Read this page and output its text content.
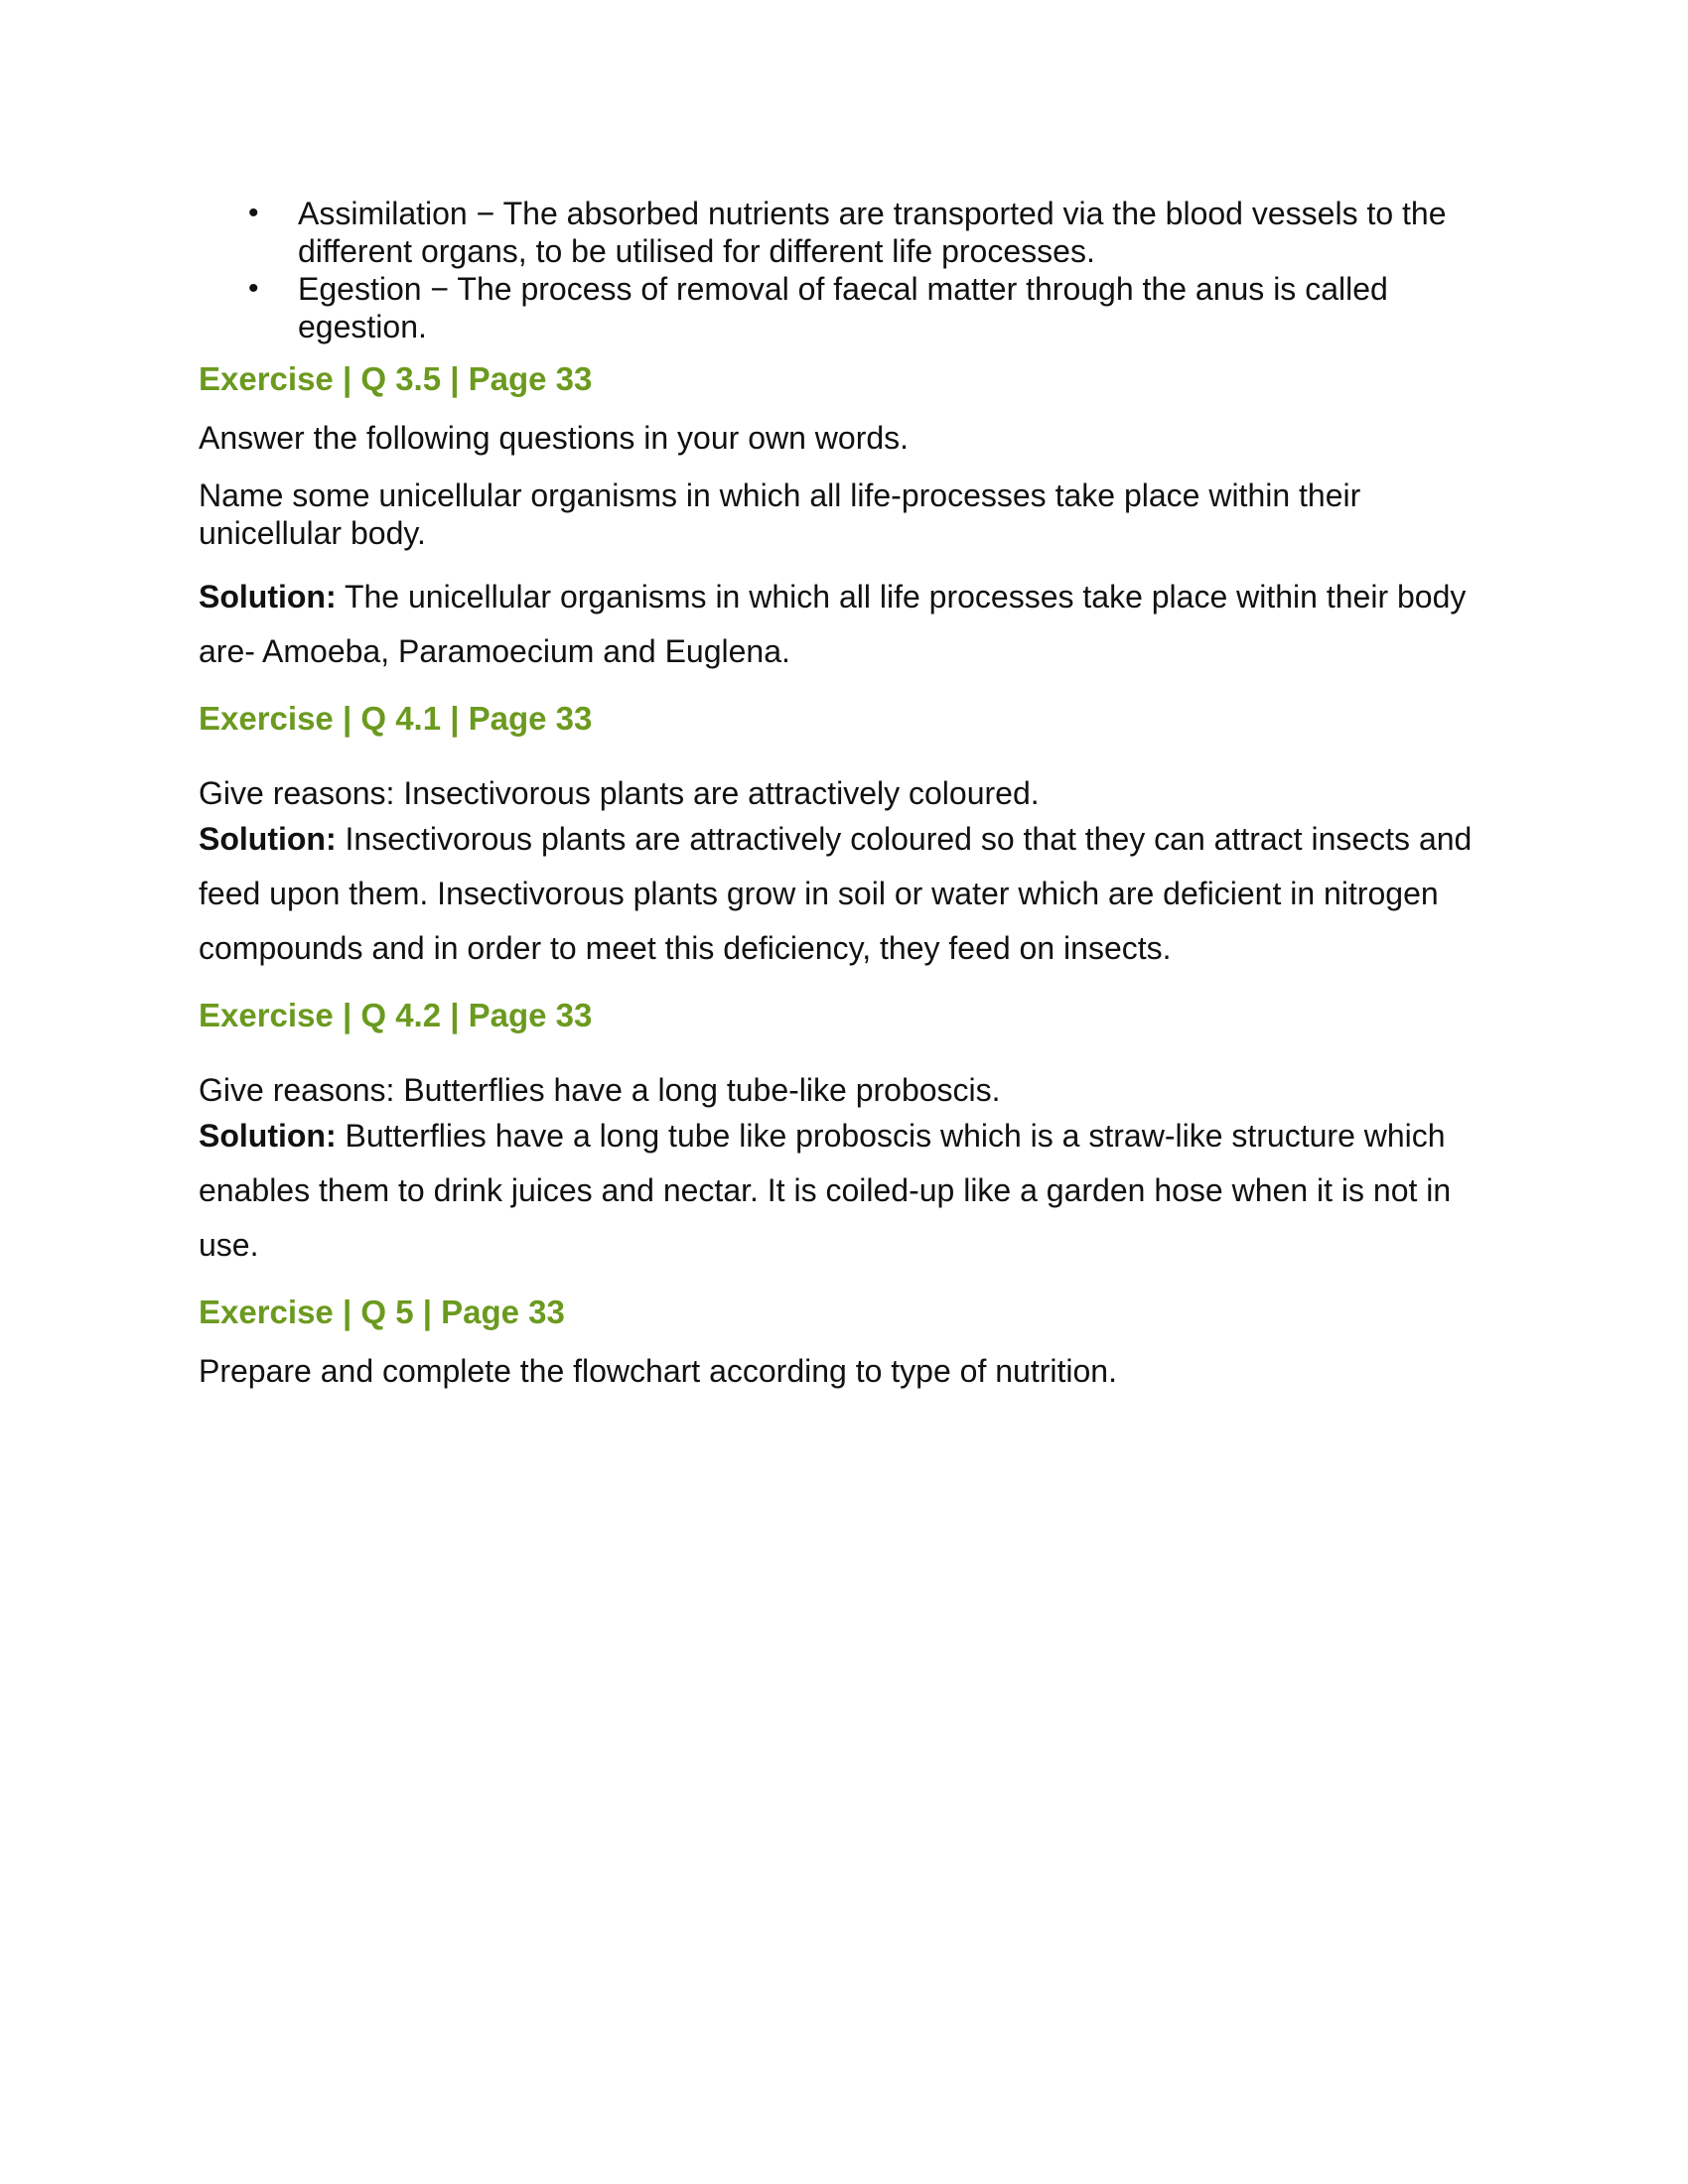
• Assimilation − The absorbed nutrients are transported via the blood vessels to the different organs, to be utilised for different life processes.
• Egestion − The process of removal of faecal matter through the anus is called egestion.

Exercise | Q 3.5 | Page 33

Answer the following questions in your own words.

Name some unicellular organisms in which all life-processes take place within their unicellular body.

Solution: The unicellular organisms in which all life processes take place within their body are- Amoeba, Paramoecium and Euglena.

Exercise | Q 4.1 | Page 33

Give reasons: Insectivorous plants are attractively coloured.

Solution: Insectivorous plants are attractively coloured so that they can attract insects and feed upon them. Insectivorous plants grow in soil or water which are deficient in nitrogen compounds and in order to meet this deficiency, they feed on insects.

Exercise | Q 4.2 | Page 33

Give reasons: Butterflies have a long tube-like proboscis.

Solution: Butterflies have a long tube like proboscis which is a straw-like structure which enables them to drink juices and nectar. It is coiled-up like a garden hose when it is not in use.

Exercise | Q 5 | Page 33

Prepare and complete the flowchart according to type of nutrition.
